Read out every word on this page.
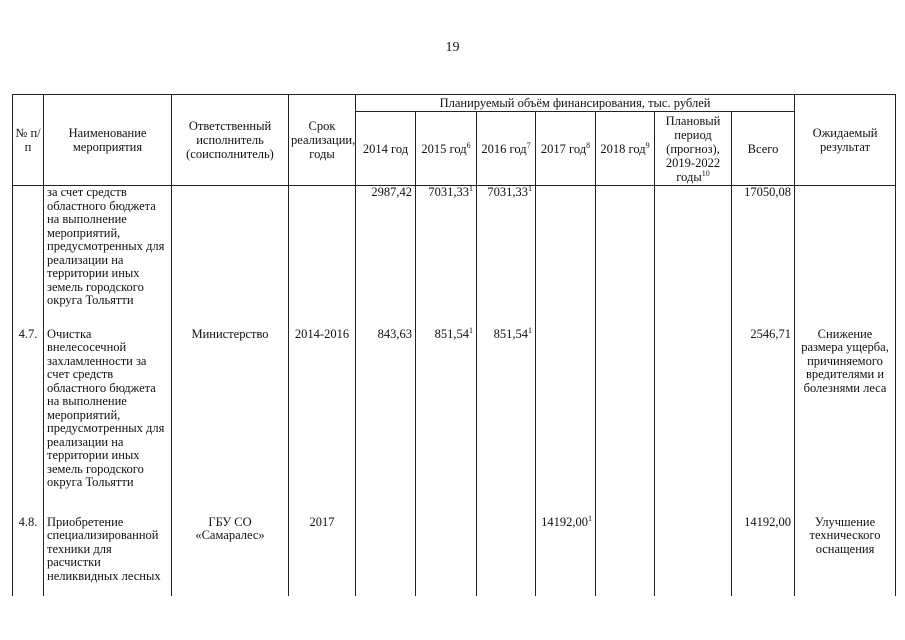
19
№ п/п	Наименование мероприятия	Ответственный исполнитель (соисполнитель)	Срок реализации, годы	Планируемый объём финансирования, тыс. рублей							Ожидаемый результат
				2014 год	2015 год$^6$	2016 год$^7$	2017 год$^8$	2018 год$^9$	Плановый период (прогноз), 2019-2022 годы$^{10}$	Всего	
	за счет средств областного бюджета на выполнение мероприятий, предусмотренных для реализации на территории иных земель городского округа Тольятти			2987,42	7031,33$^1$	7031,33$^1$				17050,08	

4.7.	Очистка внелесосечной захламленности за счет средств областного бюджета на выполнение мероприятий, предусмотренных для реализации на территории иных земель городского округа Тольятти	Министерство	2014-2016	843,63	851,54$^1$	851,54$^1$				2546,71	Снижение размера ущерба, причиняемого вредителями и болезнями леса

4.8.	Приобретение специализированной техники для расчистки неликвидных лесных	ГБУ СО «Самаралес»	2017				14192,00$^1$			14192,00	Улучшение технического оснащения
